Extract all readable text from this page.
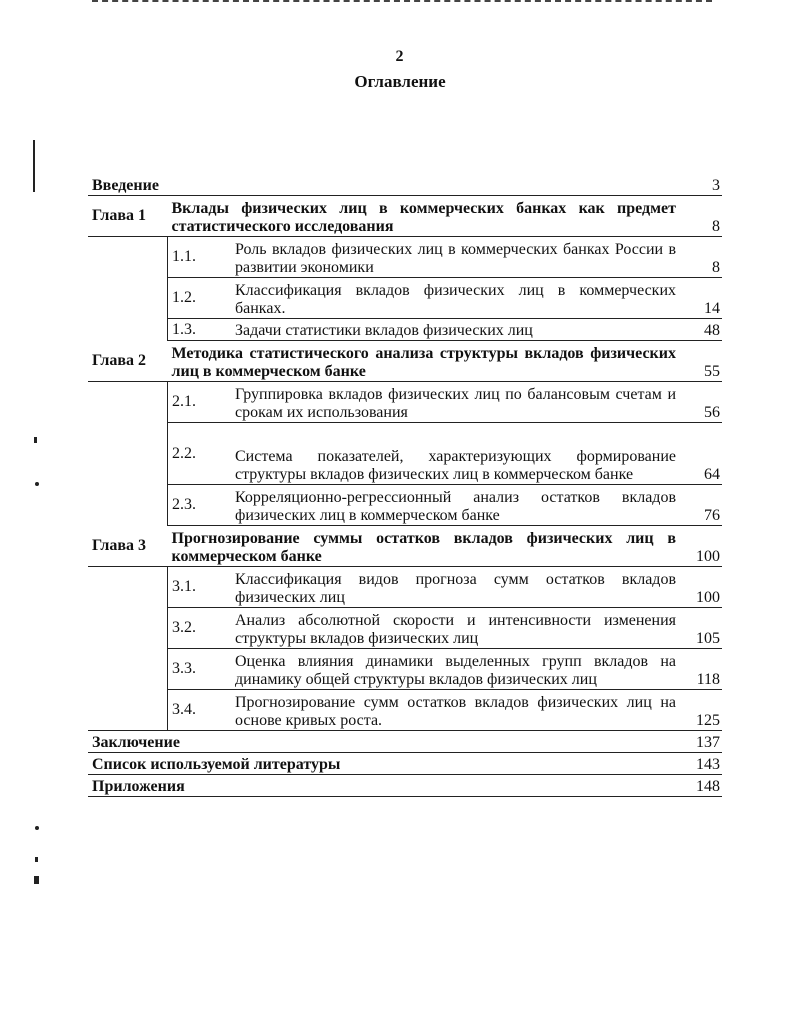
2
Оглавление
Введение			3
Глава 1	Вклады физических лиц в коммерческих банках как предмет статистического исследования		8
	1.1.	Роль вкладов физических лиц в коммерческих банках России в развитии экономики	8
	1.2.	Классификация вкладов физических лиц в коммерческих банках.	14
	1.3.	Задачи статистики вкладов физических лиц	48
Глава 2	Методика статистического анализа структуры вкладов физических лиц в коммерческом банке		55
	2.1.	Группировка вкладов физических лиц по балансовым счетам и срокам их использования	56
	2.2.	Система показателей, характеризующих формирование структуры вкладов физических лиц в коммерческом банке	64
	2.3.	Корреляционно-регрессионный анализ остатков вкладов физических лиц в коммерческом банке	76
Глава 3	Прогнозирование суммы остатков вкладов физических лиц в коммерческом банке		100
	3.1.	Классификация видов прогноза сумм остатков вкладов физических лиц	100
	3.2.	Анализ абсолютной скорости и интенсивности изменения структуры вкладов физических лиц	105
	3.3.	Оценка влияния динамики выделенных групп вкладов на динамику общей структуры вкладов физических лиц	118
	3.4.	Прогнозирование сумм остатков вкладов физических лиц на основе кривых роста.	125
Заключение			137
Список используемой литературы			143
Приложения			148
